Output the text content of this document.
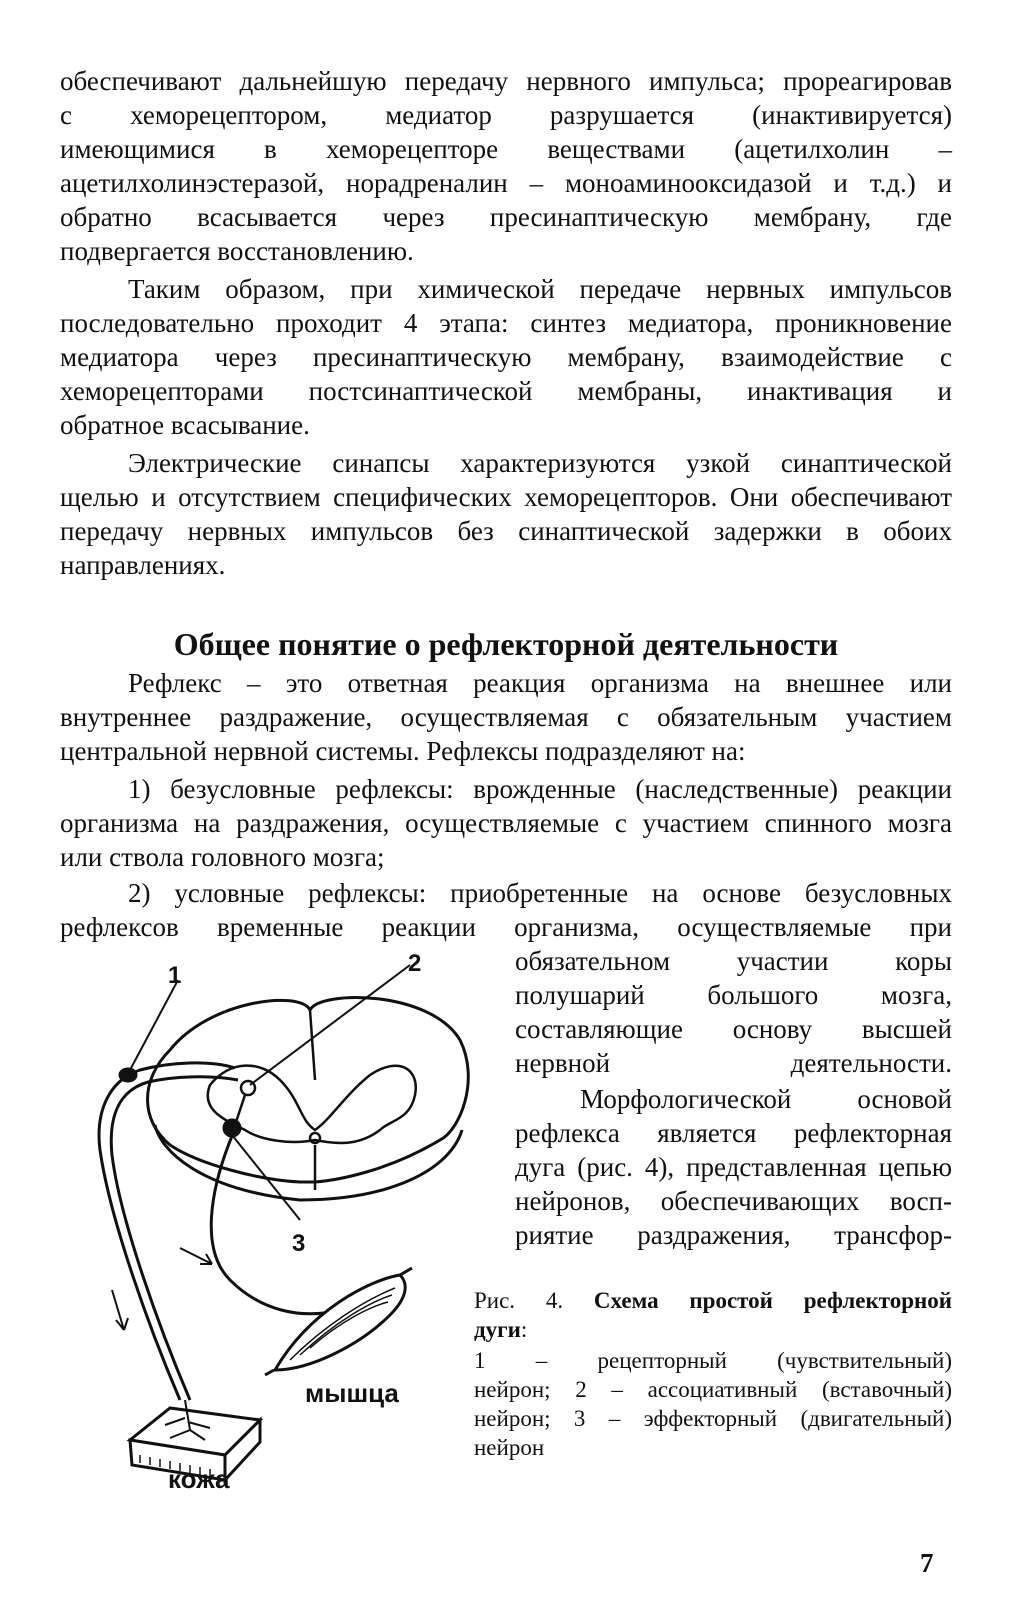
обеспечивают дальнейшую передачу нервного импульса; прореагировав
с хеморецептором, медиатор разрушается (инактивируется)
имеющимися в хеморецепторе веществами (ацетилхолин –
ацетилхолинэстеразой, норадреналин – моноаминооксидазой и т.д.) и
обратно всасывается через пресинаптическую мембрану, где
подвергается восстановлению.
Таким образом, при химической передаче нервных импульсов
последовательно проходит 4 этапа: синтез медиатора, проникновение
медиатора через пресинаптическую мембрану, взаимодействие с
хеморецепторами постсинаптической мембраны, инактивация и
обратное всасывание.
Электрические синапсы характеризуются узкой синаптической
щелью и отсутствием специфических хеморецепторов. Они обеспечивают
передачу нервных импульсов без синаптической задержки в обоих
направлениях.
Общее понятие о рефлекторной деятельности
Рефлекс – это ответная реакция организма на внешнее или
внутреннее раздражение, осуществляемая с обязательным участием
центральной нервной системы. Рефлексы подразделяют на:
1) безусловные рефлексы: врожденные (наследственные) реакции
организма на раздражения, осуществляемые с участием спинного мозга
или ствола головного мозга;
2) условные рефлексы: приобретенные на основе безусловных
рефлексов временные реакции организма, осуществляемые при
обязательном участии коры
полушарий большого мозга,
составляющие основу высшей
нервной деятельности.
Морфологической основой
рефлекса является рефлекторная
дуга (рис. 4), представленная цепью
нейронов, обеспечивающих восп-
риятие раздражения, трансфор-
Рис. 4. Схема простой рефлекторной
дуги:
1 – рецепторный (чувствительный)
нейрон; 2 – ассоциативный (вставочный)
нейрон; 3 – эффекторный (двигательный)
нейрон
1	2
3
мышца
кожа
7
